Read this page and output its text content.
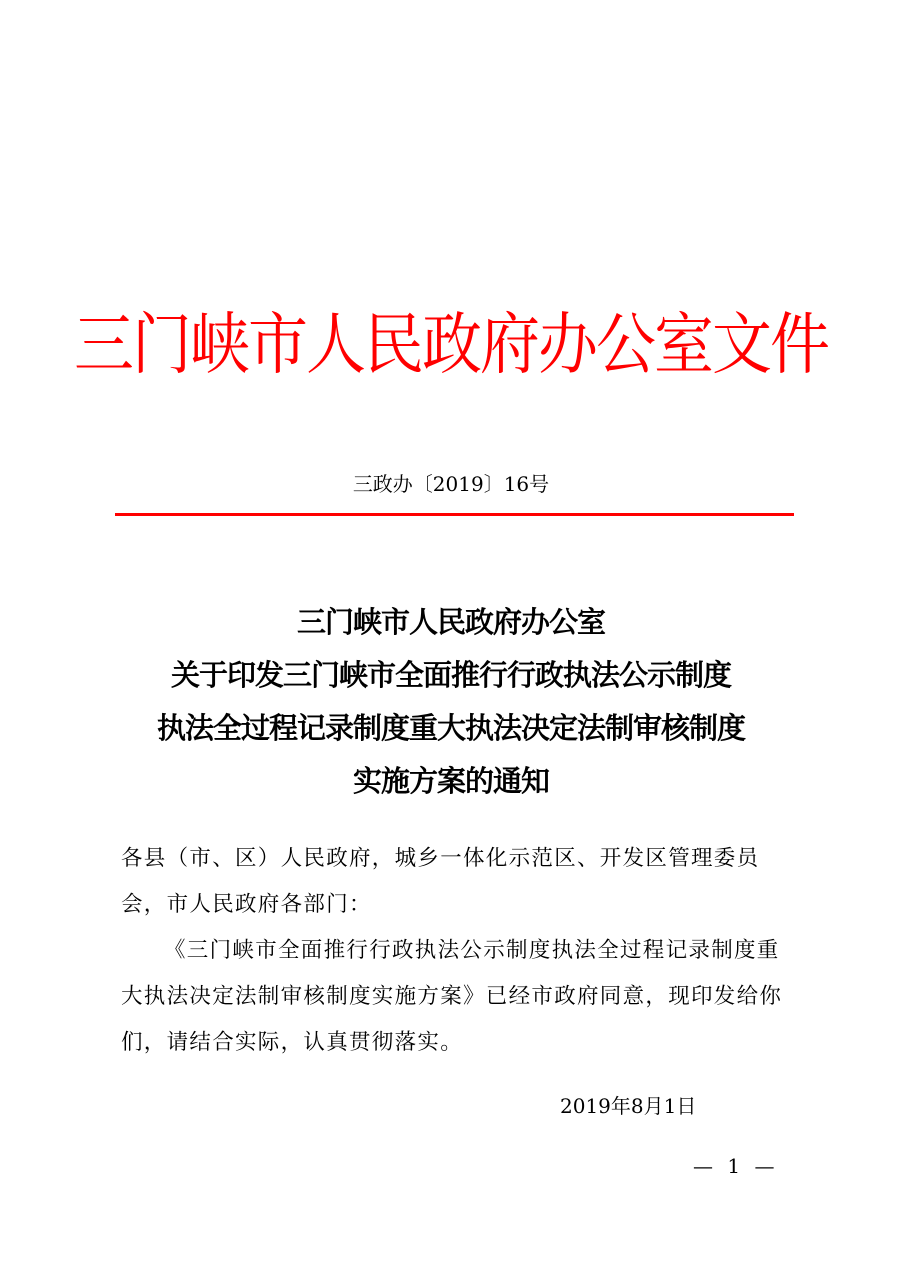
三门峡市人民政府办公室文件
三政办〔2019〕16号
三门峡市人民政府办公室
关于印发三门峡市全面推行行政执法公示制度
执法全过程记录制度重大执法决定法制审核制度
实施方案的通知

各县（市、区）人民政府，城乡一体化示范区、开发区管理委员会，市人民政府各部门：

《三门峡市全面推行行政执法公示制度执法全过程记录制度重大执法决定法制审核制度实施方案》已经市政府同意，现印发给你们，请结合实际，认真贯彻落实。

2019年8月1日
— 1 —
